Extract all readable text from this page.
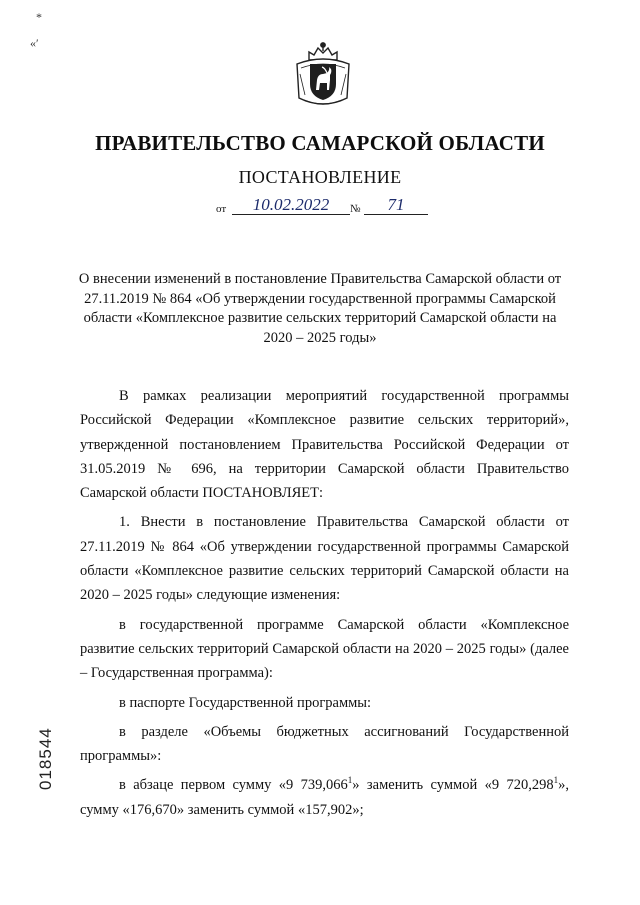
*
«′
ПРАВИТЕЛЬСТВО САМАРСКОЙ ОБЛАСТИ
ПОСТАНОВЛЕНИЕ
от	10.02.2022	№	71
О внесении изменений в постановление Правительства Самарской области от 27.11.2019 № 864 «Об утверждении государственной программы Самарской области «Комплексное развитие сельских территорий Самарской области на 2020 – 2025 годы»

В рамках реализации мероприятий государственной программы Российской Федерации «Комплексное развитие сельских территорий», утвержденной постановлением Правительства Российской Федерации от 31.05.2019 № 696, на территории Самарской области Правительство Самарской области ПОСТАНОВЛЯЕТ:

1. Внести в постановление Правительства Самарской области от 27.11.2019 № 864 «Об утверждении государственной программы Самарской области «Комплексное развитие сельских территорий Самарской области на 2020 – 2025 годы» следующие изменения:

в государственной программе Самарской области «Комплексное развитие сельских территорий Самарской области на 2020 – 2025 годы» (далее – Государственная программа):

в паспорте Государственной программы:

в разделе «Объемы бюджетных ассигнований Государственной программы»:

в абзаце первом сумму «9 739,066$^1$» заменить суммой «9 720,298$^1$», сумму «176,670» заменить суммой «157,902»;

018544
